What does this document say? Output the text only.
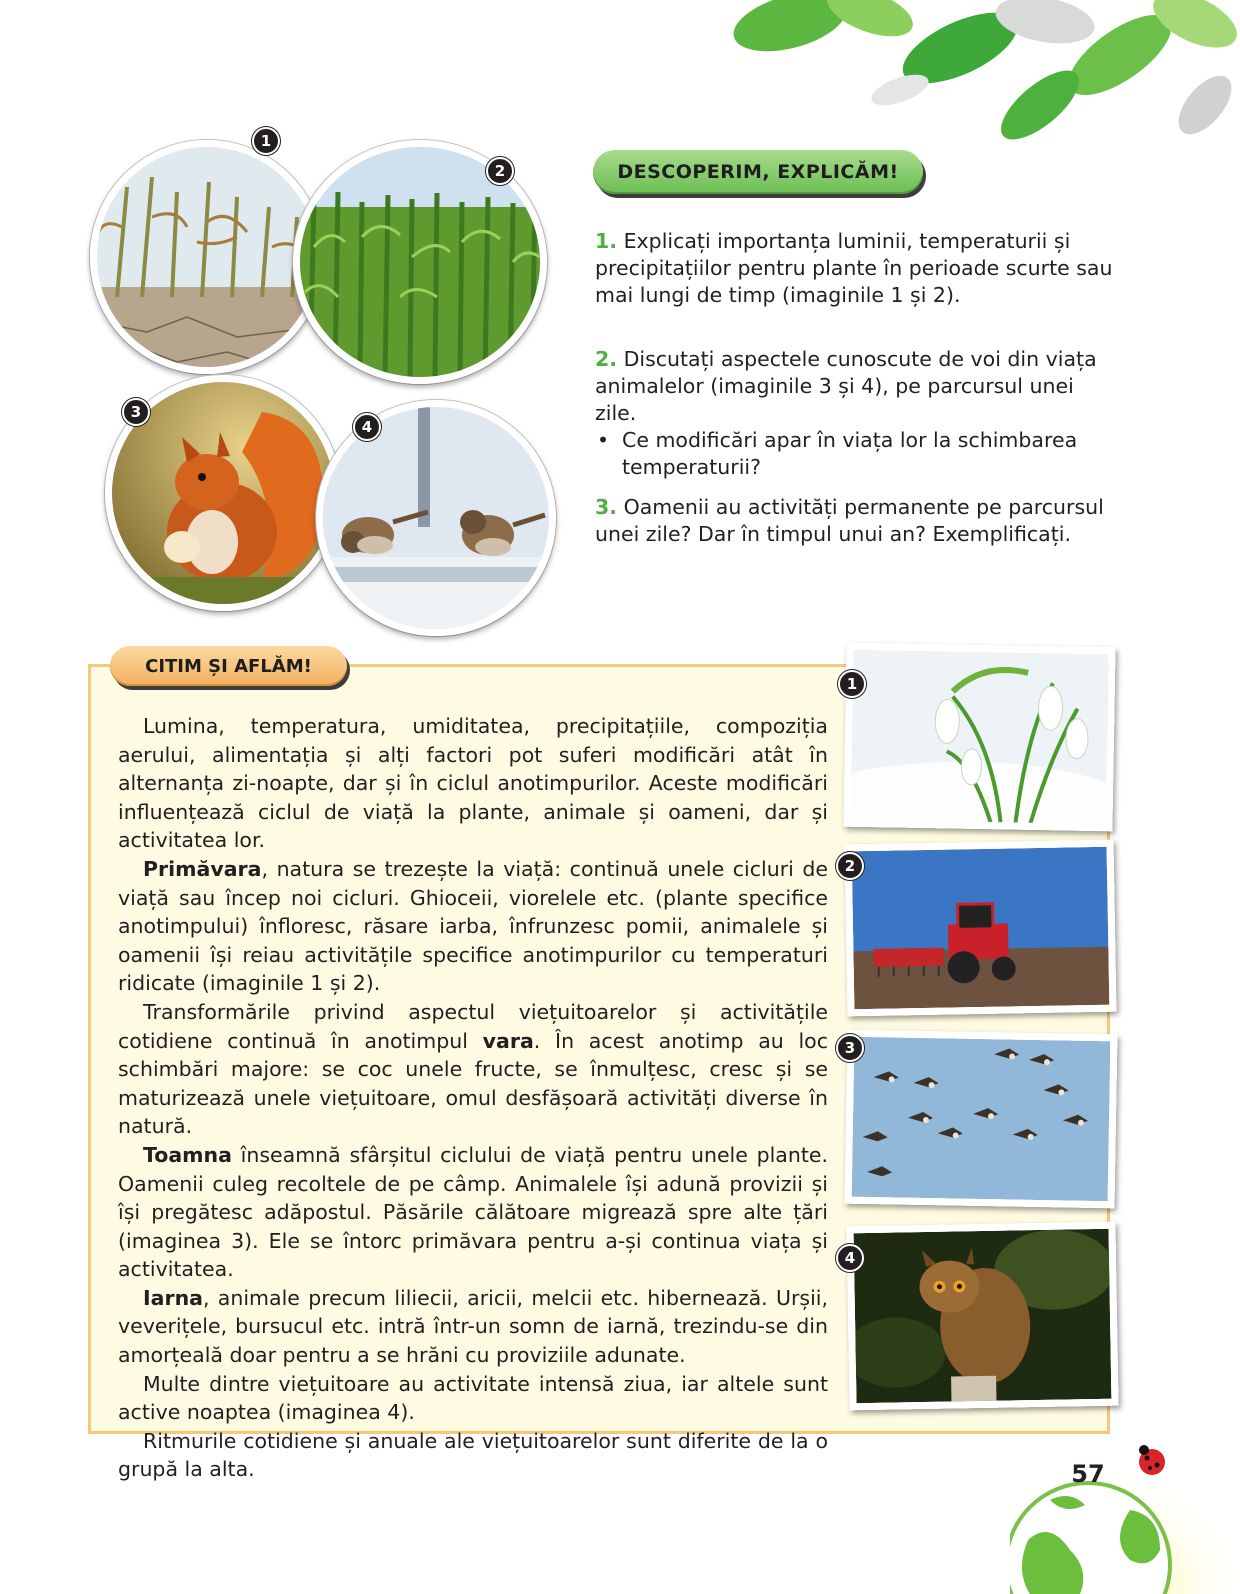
1
2
3
4
DESCOPERIM, EXPLICĂM!
1. Explicați importanța luminii, temperaturii și precipitațiilor pentru plante în perioade scurte sau mai lungi de timp (imaginile 1 și 2).
2. Discutați aspectele cunoscute de voi din viața animalelor (imaginile 3 și 4), pe parcursul unei zile.
• Ce modificări apar în viața lor la schimbarea temperaturii?
3. Oamenii au activități permanente pe parcursul unei zile? Dar în timpul unui an? Exemplificați.
CITIM ȘI AFLĂM!

Lumina, temperatura, umiditatea, precipitațiile, compoziția aerului, alimentația și alți factori pot suferi modificări atât în alternanța zi-noapte, dar și în ciclul anotimpurilor. Aceste modificări influențează ciclul de viață la plante, animale și oameni, dar și activitatea lor.

Primăvara, natura se trezește la viață: continuă unele cicluri de viață sau încep noi cicluri. Ghioceii, viorelele etc. (plante specifice anotimpului) înfloresc, răsare iarba, înfrunzesc pomii, animalele și oamenii își reiau activitățile specifice anotimpurilor cu temperaturi ridicate (imaginile 1 și 2).

Transformările privind aspectul viețuitoarelor și activitățile cotidiene continuă în anotimpul vara. În acest anotimp au loc schimbări majore: se coc unele fructe, se înmulțesc, cresc și se maturizează unele viețuitoare, omul desfășoară activități diverse în natură.

Toamna înseamnă sfârșitul ciclului de viață pentru unele plante. Oamenii culeg recoltele de pe câmp. Animalele își adună provizii și își pregătesc adăpostul. Păsările călătoare migrează spre alte țări (imaginea 3). Ele se întorc primăvara pentru a-și continua viața și activitatea.

Iarna, animale precum liliecii, aricii, melcii etc. hibernează. Urșii, veverițele, bursucul etc. intră într-un somn de iarnă, trezindu-se din amorțeală doar pentru a se hrăni cu proviziile adunate.

Multe dintre viețuitoare au activitate intensă ziua, iar altele sunt active noaptea (imaginea 4).

Ritmurile cotidiene și anuale ale viețuitoarelor sunt diferite de la o grupă la alta.

1
2
3
4
57
